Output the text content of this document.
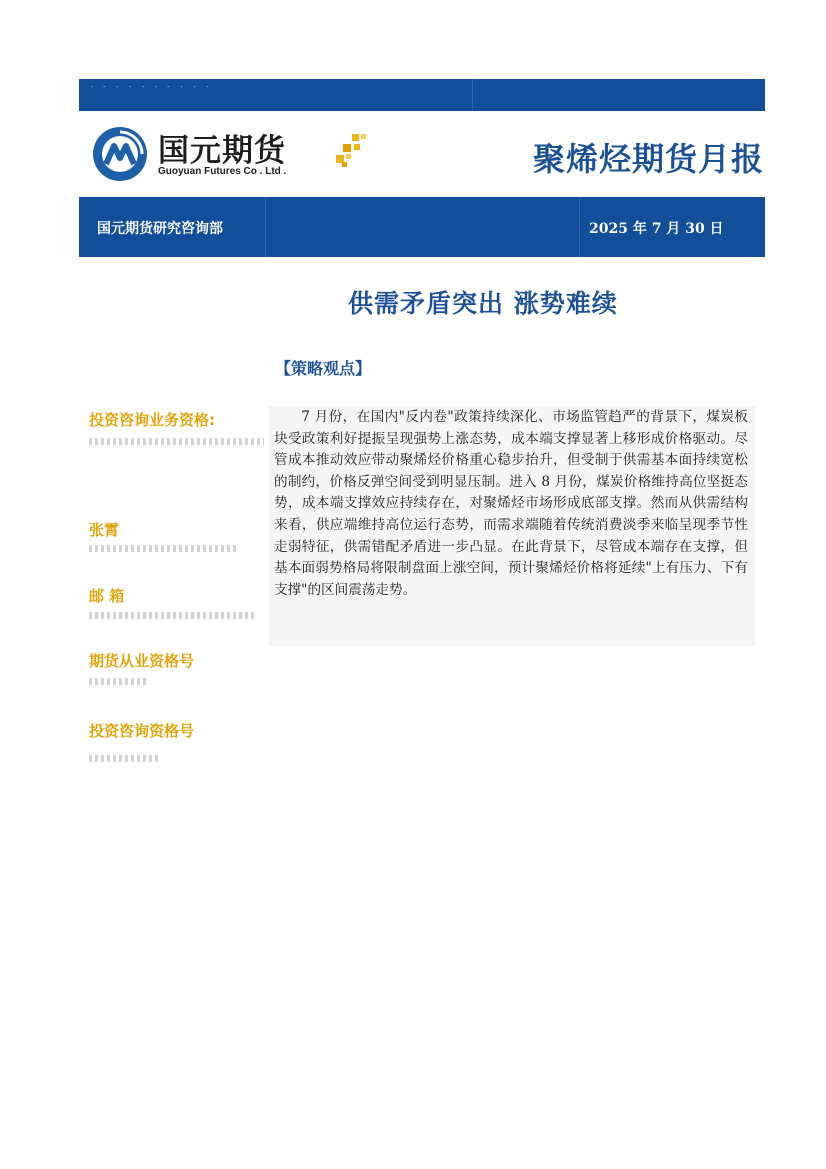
- - - - - - - - - -
国元期货
Guoyuan Futures Co . Ltd .	聚烯烃期货月报
国元期货研究咨询部	2025 年 7 月 30 日
供需矛盾突出 涨势难续
【策略观点】
投资咨询业务资格:
张霄
邮 箱
期货从业资格号
投资咨询资格号

7 月份，在国内"反内卷"政策持续深化、市场监管趋严的背景下，煤炭板块受政策利好提振呈现强势上涨态势，成本端支撑显著上移形成价格驱动。尽管成本推动效应带动聚烯烃价格重心稳步抬升，但受制于供需基本面持续宽松的制约，价格反弹空间受到明显压制。进入 8 月份，煤炭价格维持高位坚挺态势，成本端支撑效应持续存在，对聚烯烃市场形成底部支撑。然而从供需结构来看，供应端维持高位运行态势，而需求端随着传统消费淡季来临呈现季节性走弱特征，供需错配矛盾进一步凸显。在此背景下，尽管成本端存在支撑，但基本面弱势格局将限制盘面上涨空间，预计聚烯烃价格将延续"上有压力、下有支撑"的区间震荡走势。
